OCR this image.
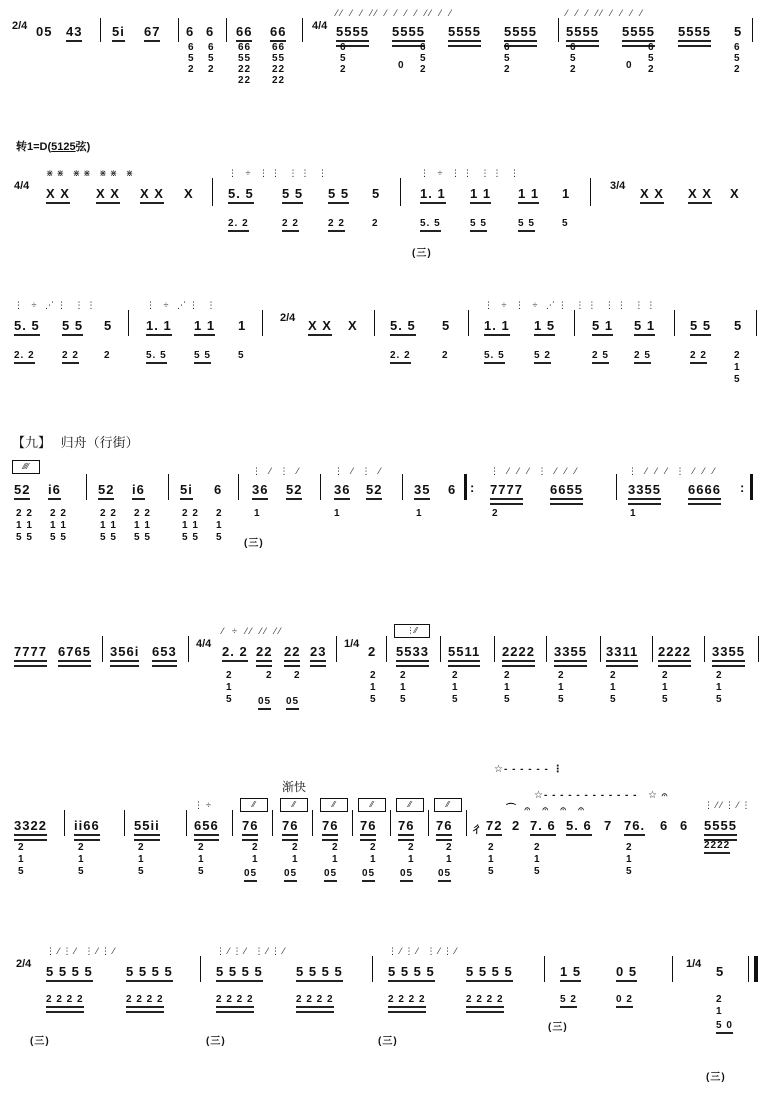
2/4 05 43 5i 67 6 6 66 66 4/4 5555 5555 5555 5555 5555 5555 5555 5
6
5
2
6
5
2
66
55
22
22
66
55
22
22
6
5
2	0
6
5
2
6
5
2
6
5
2	0
6
5
2
6
5
2
⁄⁄ ⁄ ⁄ ⁄⁄ ⁄ ⁄ ⁄ ⁄ ⁄⁄ ⁄ ⁄	⁄ ⁄ ⁄ ⁄⁄ ⁄ ⁄ ⁄ ⁄
转1=D(5125弦)
4/4 X X X X X X X	5. 5 5 5 5 5 5	1. 1 1 1 1 1 1	3/4 X X X X X
2. 2	2 2	2 2	2	5. 5	5 5	5 5	5
(三)
⋇⋇ ⋇⋇ ⋇⋇ ⋇	⋮ ÷ ⋮⋮ ⋮⋮ ⋮	⋮ ÷ ⋮⋮ ⋮⋮ ⋮
5. 5 5 5 5	1. 1 1 1 1	2/4 X X X 5. 5 5	1. 1 1 5	5 1 5 1	5 5 5
2. 2	2 2	2	5. 5	5 5	5	2. 2	2	5. 5	5 2	2 5	2 5	2 2	2
1
5
⋮ ÷ ⋰⋮ ⋮⋮	⋮ ÷ ⋰⋮ ⋮	⋮ ÷ ⋮ ÷ ⋰⋮ ⋮⋮ ⋮⋮ ⋮⋮
【九】 归舟（行街）
⁄⁄⁄⁄
52 i6	52 i6	5i 6 36 52 36 52 35 6 : 7777 6655	3355 6666 :
2 2
1 1
5 5
2 2
1 1
5 5
2 2
1 1
5 5
2 2
1 1
5 5
2 2
1 1
5 5
2
1
5
1
(三)
1	1	2	1
⋮ ⁄ ⋮ ⁄	⋮ ⁄ ⋮ ⁄	⋮ ⁄ ⁄ ⁄ ⋮ ⁄ ⁄ ⁄	⋮ ⁄ ⁄ ⁄ ⋮ ⁄ ⁄ ⁄
7777 6765 356i 653 4/4 2. 2 22 22 23 1/4 2
⋮⁄⁄
5533 5511 2222 3355 3311 2222 3355
2
1
5	05 05
2 2	2
1
5
2
1
5
2
1
5
2
1
5
2
1
5
2
1
5
2
1
5
2
1
5
⁄ ÷ ⁄⁄ ⁄⁄ ⁄⁄
渐快
3322 ii66	55ii	656
⁄⁄
76
⁄⁄
76
⁄⁄
76
⁄⁄
76
⁄⁄
76
⁄⁄
76 ㄔ 72 2 7. 6 5. 6 7 76. 6 6 5555
2
1
5
2
1
5
2
1
5
2
1
5
2
1
2
1
2
1
2
1
2
1
2
1
05	05	05 05 05 05
2
1
5
2
1
5
2
1
5
2222
⋮÷
☆- - - - - - ⋮
☆- - - - - - - - - - - -
⌒  𝄐   𝄐   𝄐   𝄐
☆ 𝄐
⋮⁄⁄⋮⁄⋮
2/4 5 5 5 5	5 5 5 5	5 5 5 5	5 5 5 5	5 5 5 5 5 5 5 5	1 5	0 5	1/4 5
2 2 2 2	2 2 2 2	2 2 2 2	2 2 2 2	2 2 2 2	2 2 2 2	5 2	0 2	2
1
5 0
(三)	(三)	(三)
(三)
(三)
⋮⁄⋮⁄ ⋮⁄⋮⁄	⋮⁄⋮⁄ ⋮⁄⋮⁄	⋮⁄⋮⁄ ⋮⁄⋮⁄
